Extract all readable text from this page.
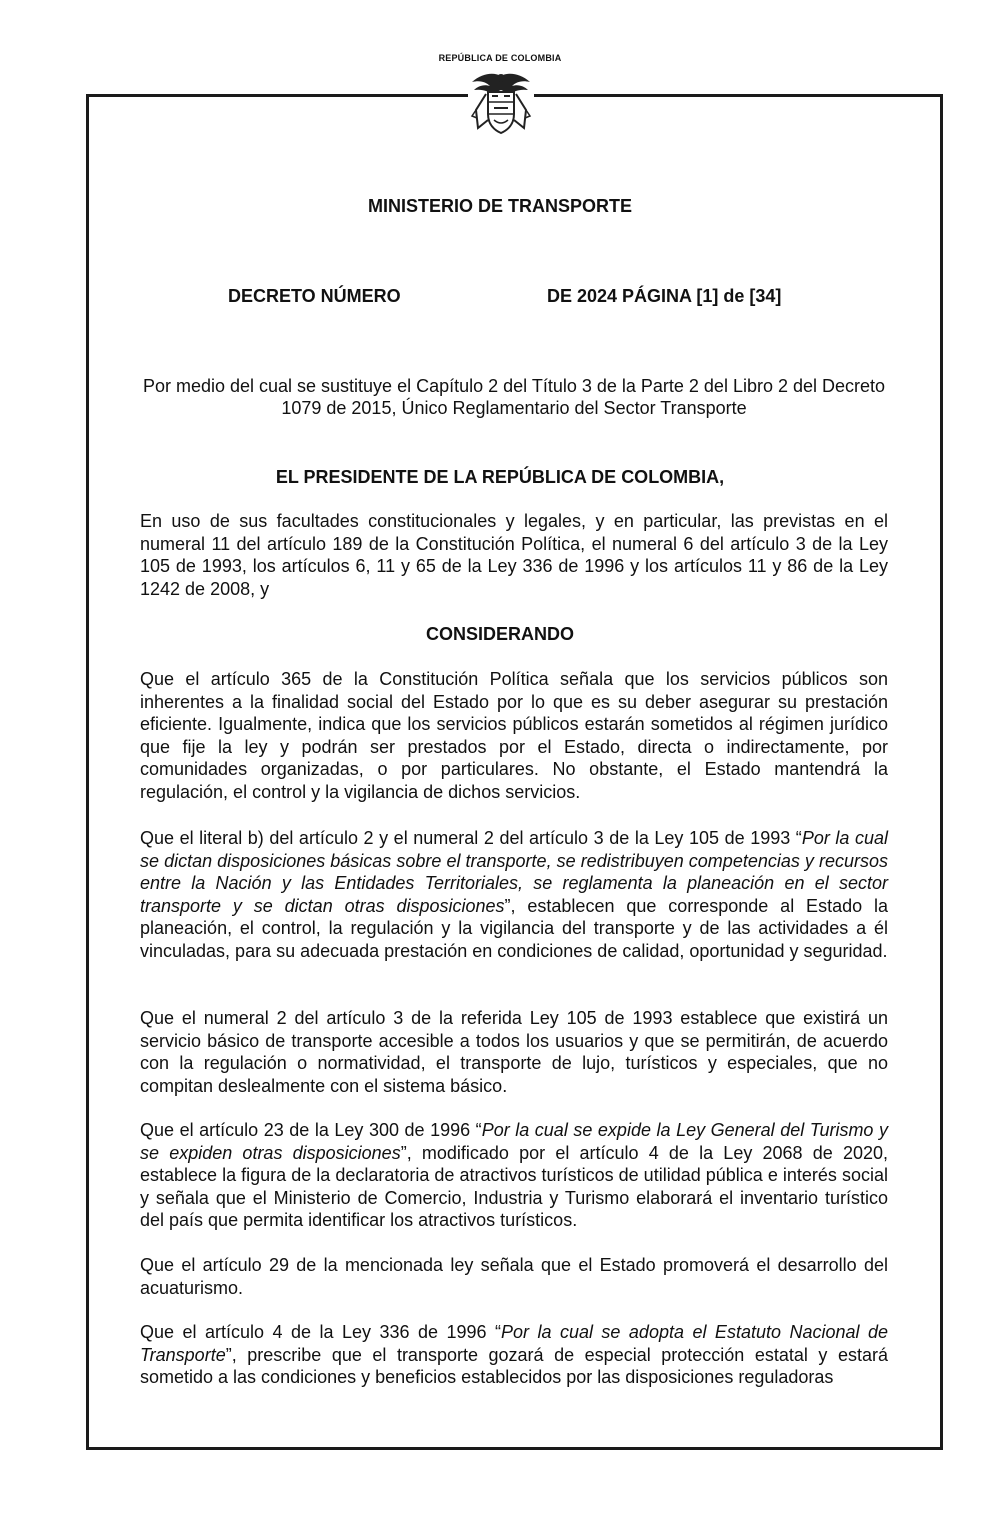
REPÚBLICA DE COLOMBIA
MINISTERIO DE TRANSPORTE
DECRETO NÚMERO	DE 2024 PÁGINA [1] de [34]
Por medio del cual se sustituye el Capítulo 2 del Título 3 de la Parte 2 del Libro 2 del Decreto 1079 de 2015, Único Reglamentario del Sector Transporte
EL PRESIDENTE DE LA REPÚBLICA DE COLOMBIA,

En uso de sus facultades constitucionales y legales, y en particular, las previstas en el numeral 11 del artículo 189 de la Constitución Política, el numeral 6 del artículo 3 de la Ley 105 de 1993, los artículos 6, 11 y 65 de la Ley 336 de 1996 y los artículos 11 y 86 de la Ley 1242 de 2008, y

CONSIDERANDO

Que el artículo 365 de la Constitución Política señala que los servicios públicos son inherentes a la finalidad social del Estado por lo que es su deber asegurar su prestación eficiente. Igualmente, indica que los servicios públicos estarán sometidos al régimen jurídico que fije la ley y podrán ser prestados por el Estado, directa o indirectamente, por comunidades organizadas, o por particulares. No obstante, el Estado mantendrá la regulación, el control y la vigilancia de dichos servicios.

Que el literal b) del artículo 2 y el numeral 2 del artículo 3 de la Ley 105 de 1993 “Por la cual se dictan disposiciones básicas sobre el transporte, se redistribuyen competencias y recursos entre la Nación y las Entidades Territoriales, se reglamenta la planeación en el sector transporte y se dictan otras disposiciones”, establecen que corresponde al Estado la planeación, el control, la regulación y la vigilancia del transporte y de las actividades a él vinculadas, para su adecuada prestación en condiciones de calidad, oportunidad y seguridad.

Que el numeral 2 del artículo 3 de la referida Ley 105 de 1993 establece que existirá un servicio básico de transporte accesible a todos los usuarios y que se permitirán, de acuerdo con la regulación o normatividad, el transporte de lujo, turísticos y especiales, que no compitan deslealmente con el sistema básico.

Que el artículo 23 de la Ley 300 de 1996 “Por la cual se expide la Ley General del Turismo y se expiden otras disposiciones”, modificado por el artículo 4 de la Ley 2068 de 2020, establece la figura de la declaratoria de atractivos turísticos de utilidad pública e interés social y señala que el Ministerio de Comercio, Industria y Turismo elaborará el inventario turístico del país que permita identificar los atractivos turísticos.

Que el artículo 29 de la mencionada ley señala que el Estado promoverá el desarrollo del acuaturismo.

Que el artículo 4 de la Ley 336 de 1996 “Por la cual se adopta el Estatuto Nacional de Transporte”, prescribe que el transporte gozará de especial protección estatal y estará sometido a las condiciones y beneficios establecidos por las disposiciones reguladoras
